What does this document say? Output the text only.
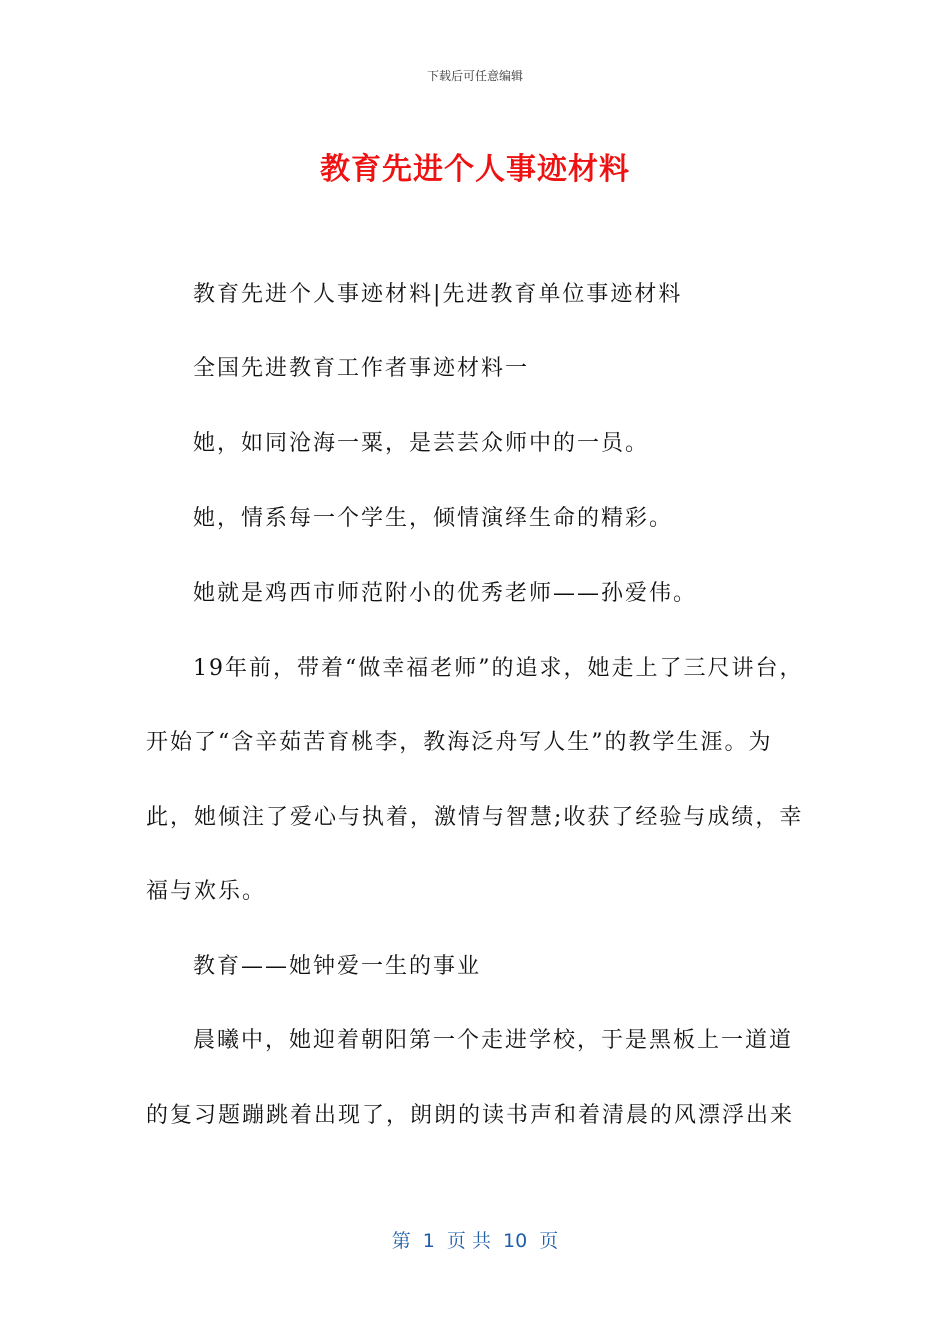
下载后可任意编辑
教育先进个人事迹材料
教育先进个人事迹材料|先进教育单位事迹材料
全国先进教育工作者事迹材料一
她，如同沧海一粟，是芸芸众师中的一员。
她，情系每一个学生，倾情演绎生命的精彩。
她就是鸡西市师范附小的优秀老师——孙爱伟。
19年前，带着“做幸福老师”的追求，她走上了三尺讲台，
开始了“含辛茹苦育桃李，教海泛舟写人生”的教学生涯。为
此，她倾注了爱心与执着，激情与智慧;收获了经验与成绩，幸
福与欢乐。
教育——她钟爱一生的事业
晨曦中，她迎着朝阳第一个走进学校，于是黑板上一道道
的复习题蹦跳着出现了，朗朗的读书声和着清晨的风漂浮出来
第  1  页 共  10  页
